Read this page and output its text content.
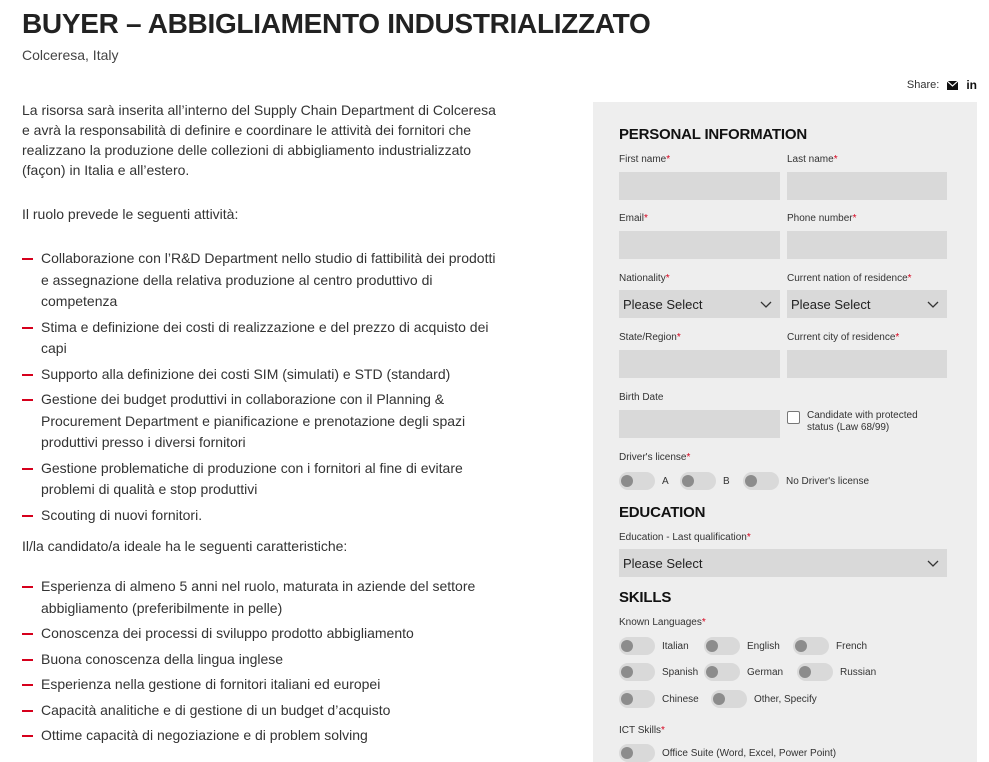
BUYER – ABBIGLIAMENTO INDUSTRIALIZZATO
Colceresa, Italy
Share: in

La risorsa sarà inserita all’interno del Supply Chain Department di Colceresa e avrà la responsabilità di definire e coordinare le attività dei fornitori che realizzano la produzione delle collezioni di abbigliamento industrializzato (façon) in Italia e all’estero.

Il ruolo prevede le seguenti attività:

Collaborazione con l’R&D Department nello studio di fattibilità dei prodotti e assegnazione della relativa produzione al centro produttivo di competenza
Stima e definizione dei costi di realizzazione e del prezzo di acquisto dei capi
Supporto alla definizione dei costi SIM (simulati) e STD (standard)
Gestione dei budget produttivi in collaborazione con il Planning & Procurement Department e pianificazione e prenotazione degli spazi produttivi presso i diversi fornitori
Gestione problematiche di produzione con i fornitori al fine di evitare problemi di qualità e stop produttivi
Scouting di nuovi fornitori.

Il/la candidato/a ideale ha le seguenti caratteristiche:

Esperienza di almeno 5 anni nel ruolo, maturata in aziende del settore abbigliamento (preferibilmente in pelle)
Conoscenza dei processi di sviluppo prodotto abbigliamento
Buona conoscenza della lingua inglese
Esperienza nella gestione di fornitori italiani ed europei
Capacità analitiche e di gestione di un budget d’acquisto
Ottime capacità di negoziazione e di problem solving
PERSONAL INFORMATION
First name*	Last name*
Email*	Phone number*
Nationality*
Please Select
Current nation of residence*
Please Select
State/Region*	Current city of residence*
Birth Date
Candidate with protected status (Law 68/99)
Driver's license*
A	B	No Driver's license
EDUCATION
Education - Last qualification*
Please Select
SKILLS
Known Languages*
Italian	English	French
Spanish	German	Russian
Chinese	Other, Specify
ICT Skills*
Office Suite (Word, Excel, Power Point)
